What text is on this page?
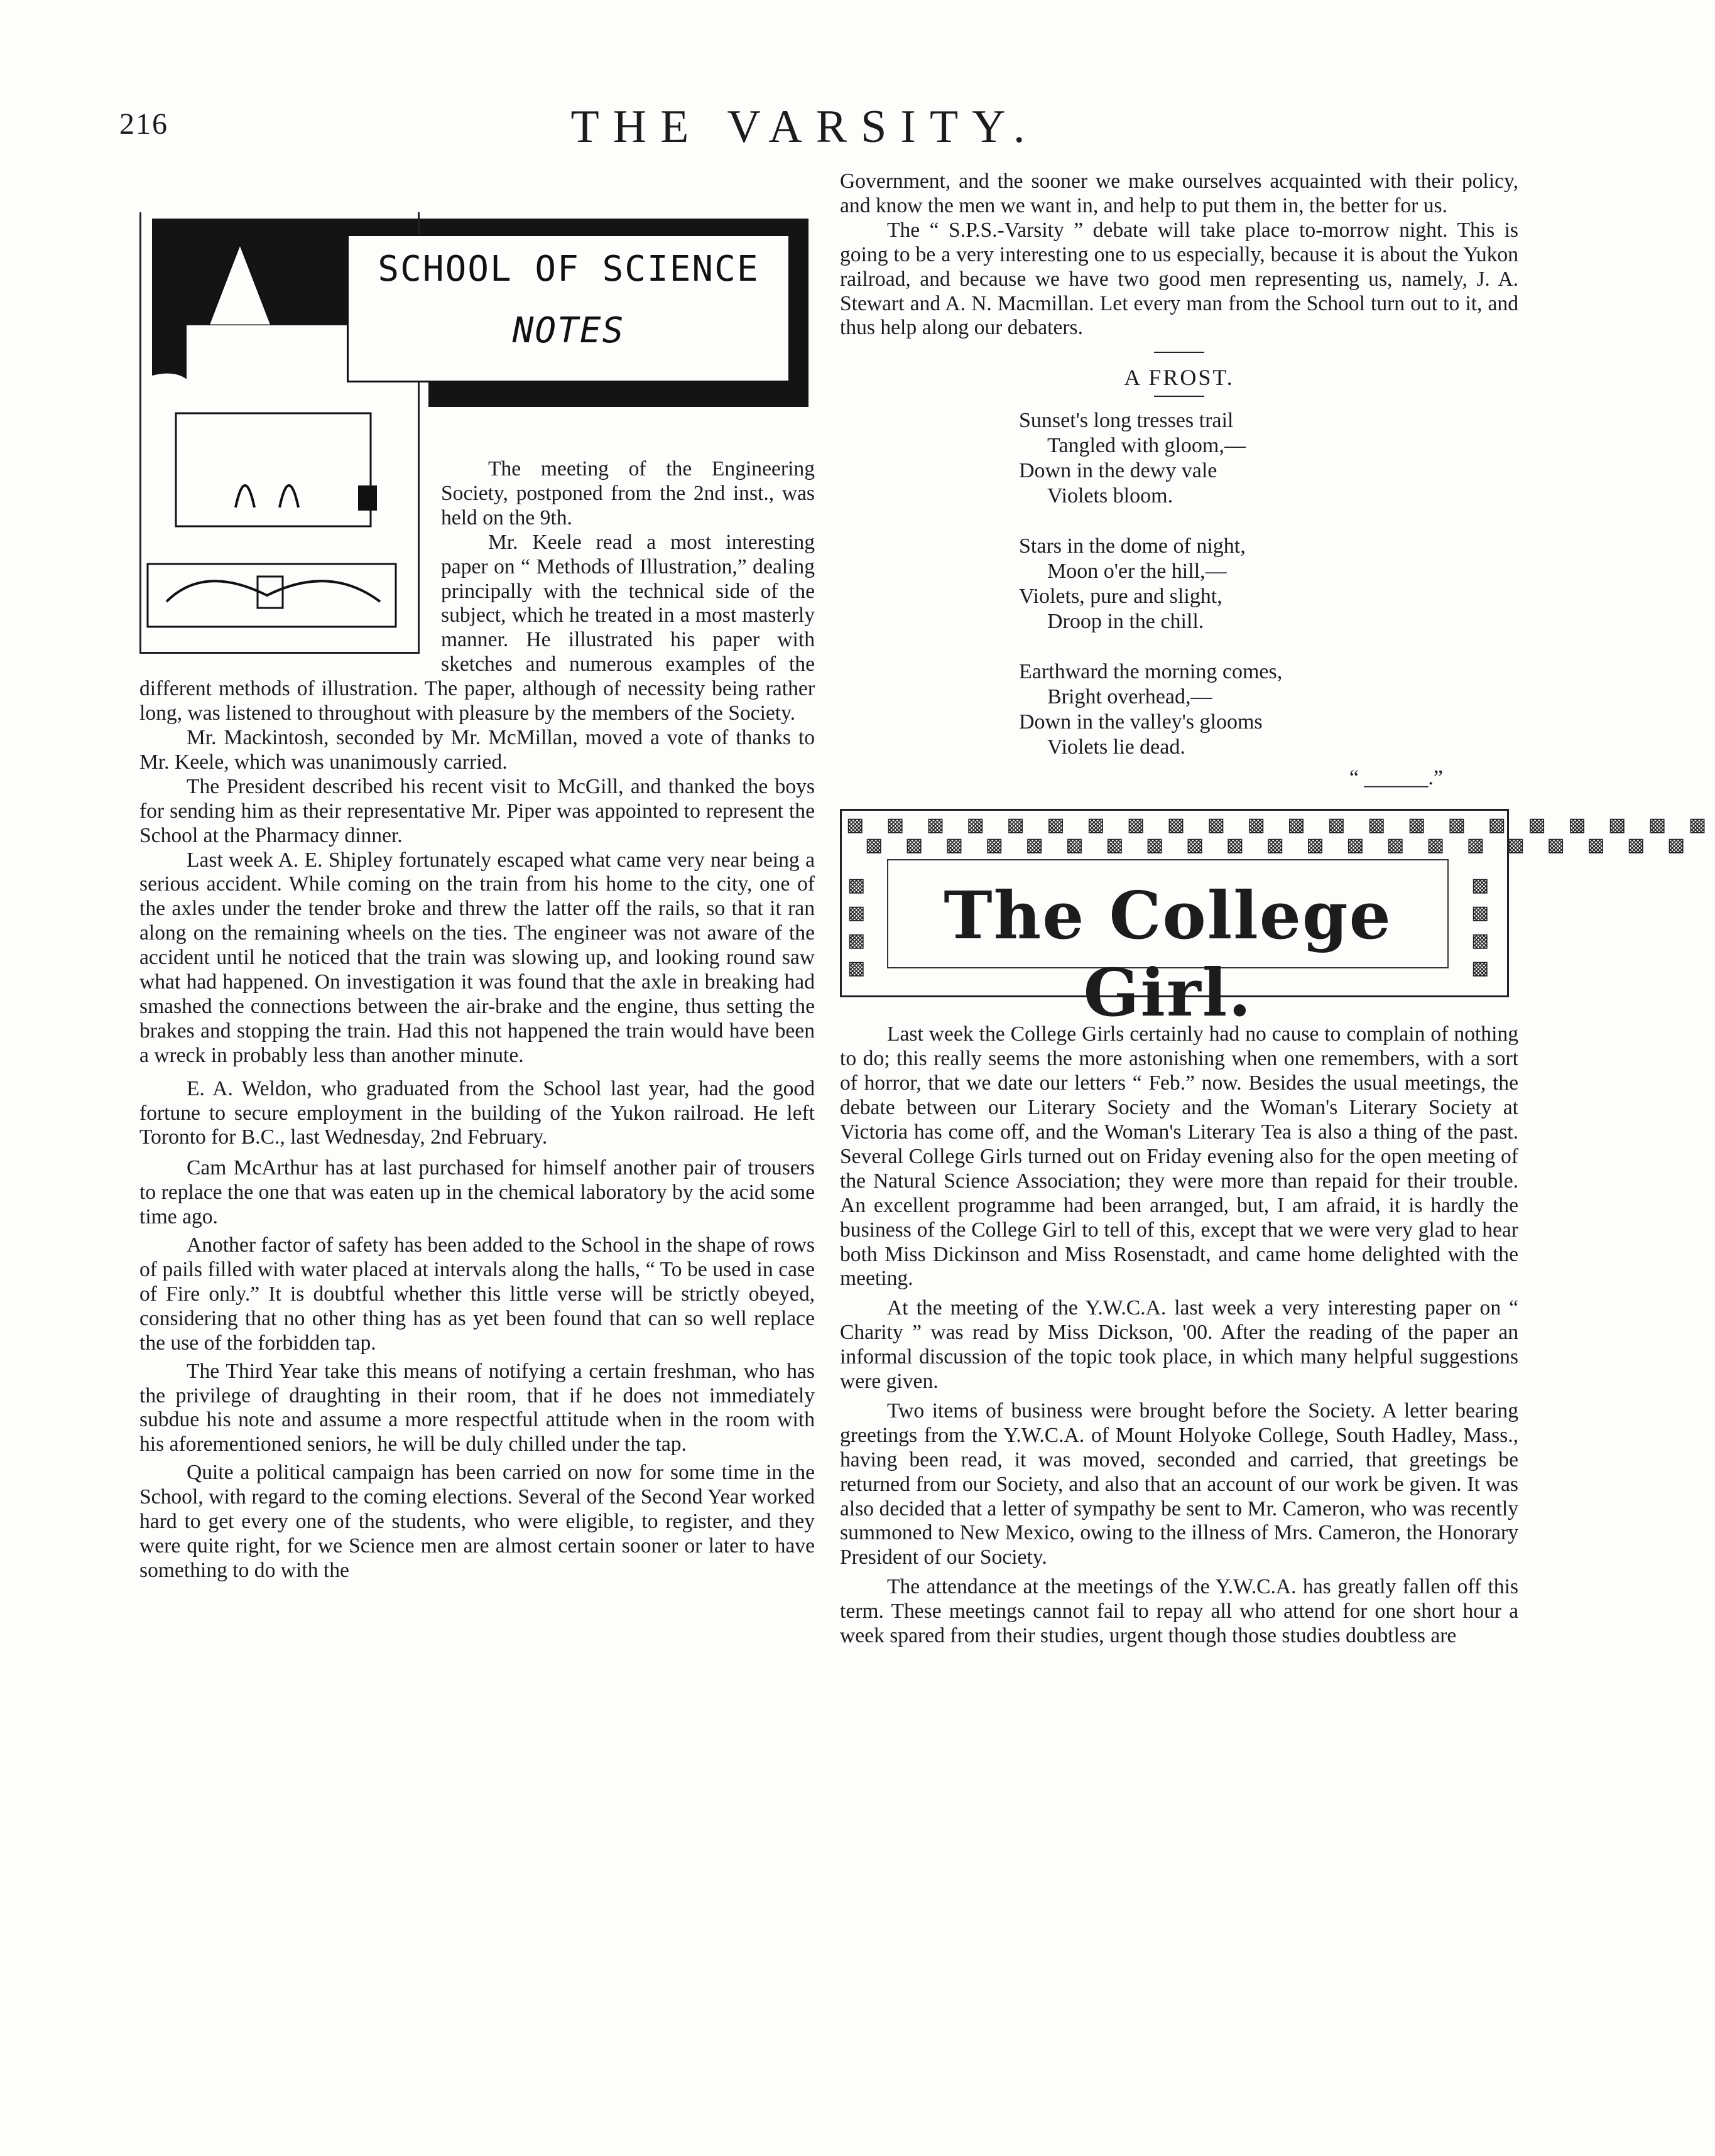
216	THE VARSITY.
SCHOOL OF SCIENCE
NOTES

The meeting of the Engineering Society, postponed from the 2nd inst., was held on the 9th.

Mr. Keele read a most interesting paper on “ Methods of Illustration,” dealing principally with the technical side of the subject, which he treated in a most masterly manner. He illustrated his paper with sketches and numerous examples of the different methods of illustration. The paper, although of necessity being rather long, was listened to throughout with pleasure by the members of the Society.

Mr. Mackintosh, seconded by Mr. McMillan, moved a vote of thanks to Mr. Keele, which was unanimously carried.

The President described his recent visit to McGill, and thanked the boys for sending him as their representative Mr. Piper was appointed to represent the School at the Pharmacy dinner.

Last week A. E. Shipley fortunately escaped what came very near being a serious accident. While coming on the train from his home to the city, one of the axles under the tender broke and threw the latter off the rails, so that it ran along on the remaining wheels on the ties. The engineer was not aware of the accident until he noticed that the train was slowing up, and looking round saw what had happened. On investigation it was found that the axle in breaking had smashed the connections between the air-brake and the engine, thus setting the brakes and stopping the train. Had this not happened the train would have been a wreck in probably less than another minute.

E. A. Weldon, who graduated from the School last year, had the good fortune to secure employment in the building of the Yukon railroad. He left Toronto for B.C., last Wednesday, 2nd February.

Cam McArthur has at last purchased for himself another pair of trousers to replace the one that was eaten up in the chemical laboratory by the acid some time ago.

Another factor of safety has been added to the School in the shape of rows of pails filled with water placed at intervals along the halls, “ To be used in case of Fire only.” It is doubtful whether this little verse will be strictly obeyed, considering that no other thing has as yet been found that can so well replace the use of the forbidden tap.

The Third Year take this means of notifying a certain freshman, who has the privilege of draughting in their room, that if he does not immediately subdue his note and assume a more respectful attitude when in the room with his aforementioned seniors, he will be duly chilled under the tap.

Quite a political campaign has been carried on now for some time in the School, with regard to the coming elections. Several of the Second Year worked hard to get every one of the students, who were eligible, to register, and they were quite right, for we Science men are almost certain sooner or later to have something to do with the

Government, and the sooner we make ourselves acquainted with their policy, and know the men we want in, and help to put them in, the better for us.

The “ S.P.S.-Varsity ” debate will take place to-morrow night. This is going to be a very interesting one to us especially, because it is about the Yukon railroad, and because we have two good men representing us, namely, J. A. Stewart and A. N. Macmillan. Let every man from the School turn out to it, and thus help along our debaters.

A FROST.
Sunset's long tresses trail
Tangled with gloom,—
Down in the dewy vale
Violets bloom.
Stars in the dome of night,
Moon o'er the hill,—
Violets, pure and slight,
Droop in the chill.
Earthward the morning comes,
Bright overhead,—
Down in the valley's glooms
Violets lie dead.
“ ______.”
▩ ▩ ▩ ▩ ▩ ▩ ▩ ▩ ▩ ▩ ▩ ▩ ▩ ▩ ▩ ▩ ▩ ▩ ▩ ▩ ▩ ▩
▩ ▩ ▩ ▩ ▩ ▩ ▩ ▩ ▩ ▩ ▩ ▩ ▩ ▩ ▩ ▩ ▩ ▩ ▩ ▩ ▩
▩ ▩ ▩ ▩
▩ ▩ ▩ ▩
The College Girl.

Last week the College Girls certainly had no cause to complain of nothing to do; this really seems the more astonishing when one remembers, with a sort of horror, that we date our letters “ Feb.” now. Besides the usual meetings, the debate between our Literary Society and the Woman's Literary Society at Victoria has come off, and the Woman's Literary Tea is also a thing of the past. Several College Girls turned out on Friday evening also for the open meeting of the Natural Science Association; they were more than repaid for their trouble. An excellent programme had been arranged, but, I am afraid, it is hardly the business of the College Girl to tell of this, except that we were very glad to hear both Miss Dickinson and Miss Rosenstadt, and came home delighted with the meeting.

At the meeting of the Y.W.C.A. last week a very interesting paper on “ Charity ” was read by Miss Dickson, '00. After the reading of the paper an informal discussion of the topic took place, in which many helpful suggestions were given.

Two items of business were brought before the Society. A letter bearing greetings from the Y.W.C.A. of Mount Holyoke College, South Hadley, Mass., having been read, it was moved, seconded and carried, that greetings be returned from our Society, and also that an account of our work be given. It was also decided that a letter of sympathy be sent to Mr. Cameron, who was recently summoned to New Mexico, owing to the illness of Mrs. Cameron, the Honorary President of our Society.

The attendance at the meetings of the Y.W.C.A. has greatly fallen off this term. These meetings cannot fail to repay all who attend for one short hour a week spared from their studies, urgent though those studies doubtless are
